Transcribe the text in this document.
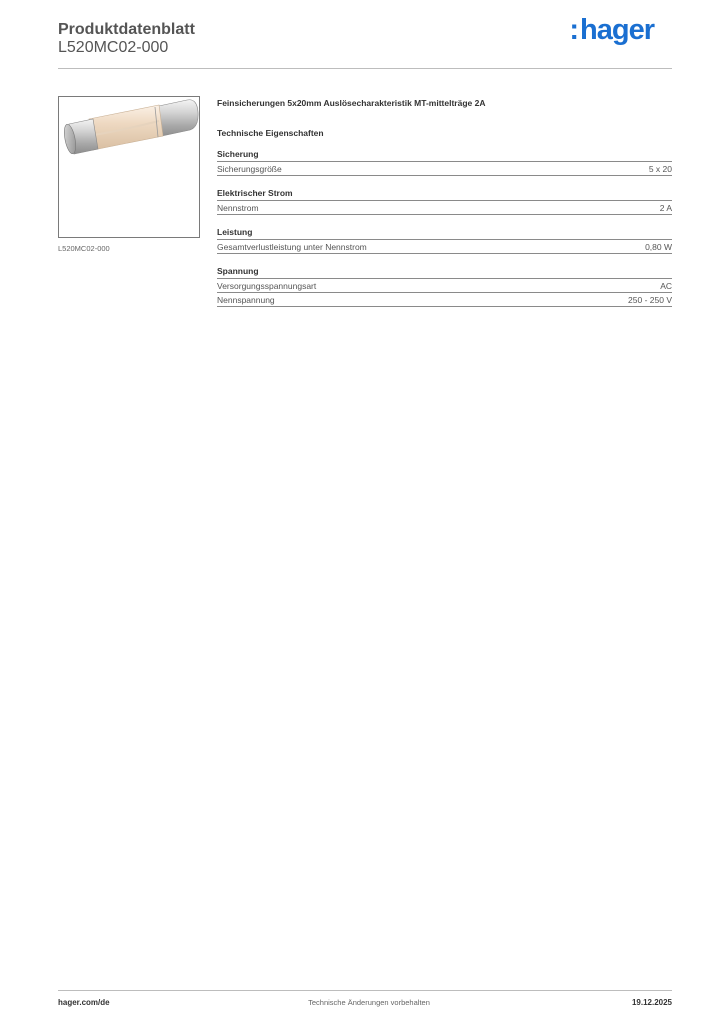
Produktdatenblatt
L520MC02-000
:hager
L520MC02-000
Feinsicherungen 5x20mm Auslösecharakteristik MT-mittelträge 2A
Technische Eigenschaften
Sicherung
Sicherungsgröße	5 x 20
Elektrischer Strom
Nennstrom	2 A
Leistung
Gesamtverlustleistung unter Nennstrom	0,80 W
Spannung
Versorgungsspannungsart	AC
Nennspannung	250 - 250 V
hager.com/de	Technische Änderungen vorbehalten	19.12.2025
